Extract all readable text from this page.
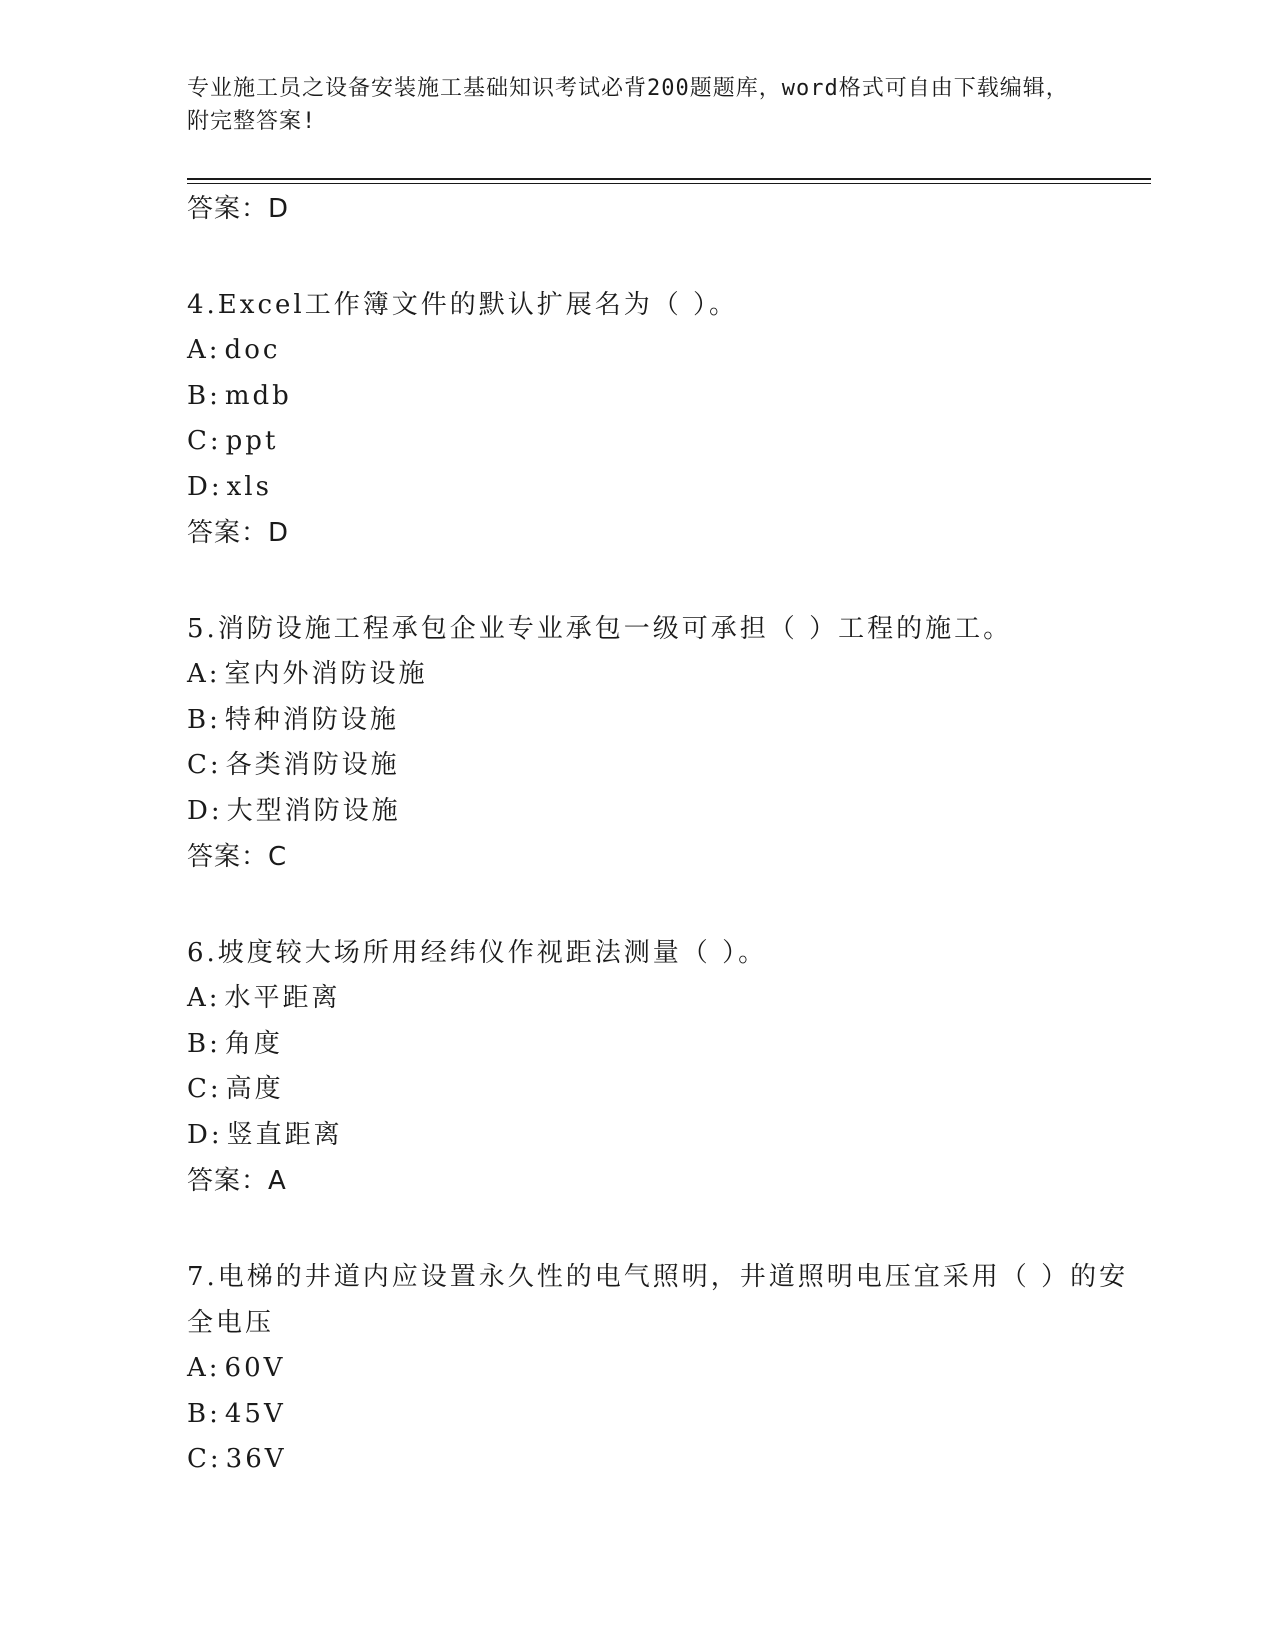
专业施工员之设备安装施工基础知识考试必背200题题库，word格式可自由下载编辑，附完整答案!
答案：D
4.Excel工作簿文件的默认扩展名为（ ）。
A: doc
B: mdb
C: ppt
D: xls
答案：D
5.消防设施工程承包企业专业承包一级可承担（ ）工程的施工。
A: 室内外消防设施
B: 特种消防设施
C: 各类消防设施
D: 大型消防设施
答案：C
6.坡度较大场所用经纬仪作视距法测量（ ）。
A: 水平距离
B: 角度
C: 高度
D: 竖直距离
答案：A
7.电梯的井道内应设置永久性的电气照明，井道照明电压宜采用（ ）的安全电压
A: 60V
B: 45V
C: 36V
